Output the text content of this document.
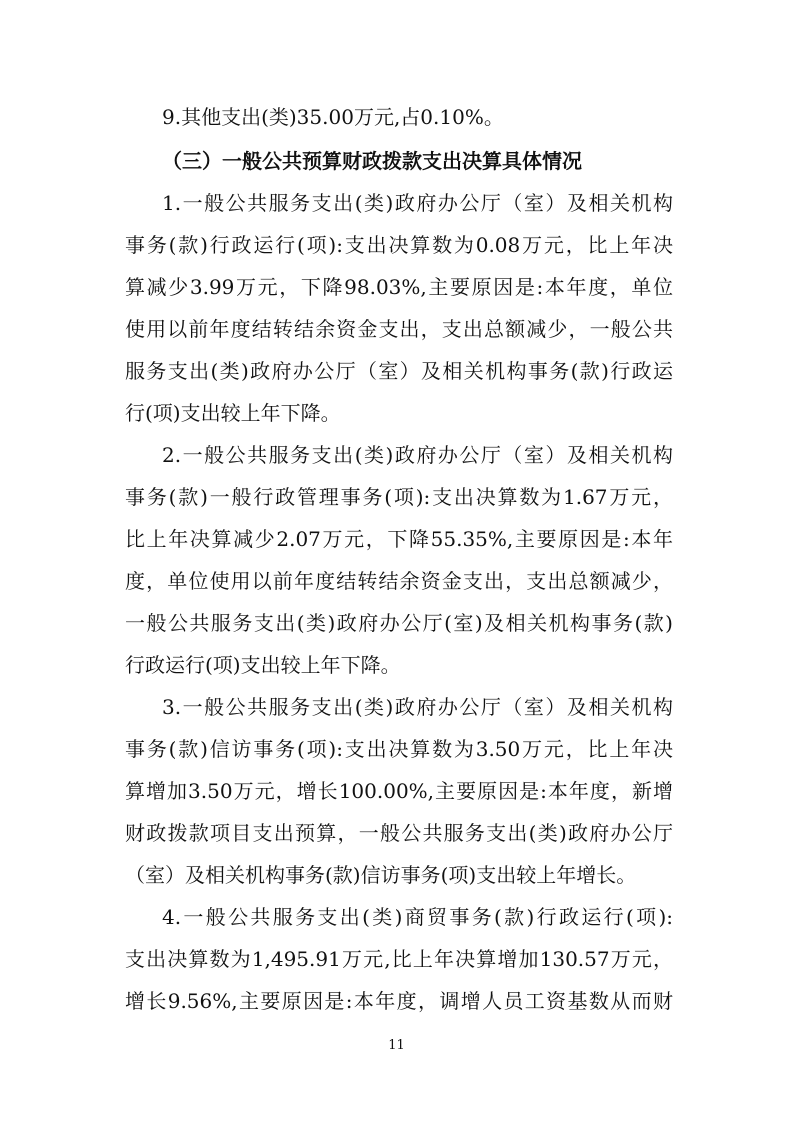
9.其他支出(类)35.00万元,占0.10%。
（三）一般公共预算财政拨款支出决算具体情况
1.一般公共服务支出(类)政府办公厅（室）及相关机构
事务(款)行政运行(项):支出决算数为0.08万元，比上年决
算减少3.99万元，下降98.03%,主要原因是:本年度，单位
使用以前年度结转结余资金支出，支出总额减少，一般公共
服务支出(类)政府办公厅（室）及相关机构事务(款)行政运
行(项)支出较上年下降。
2.一般公共服务支出(类)政府办公厅（室）及相关机构
事务(款)一般行政管理事务(项):支出决算数为1.67万元，
比上年决算减少2.07万元，下降55.35%,主要原因是:本年
度，单位使用以前年度结转结余资金支出，支出总额减少，
一般公共服务支出(类)政府办公厅(室)及相关机构事务(款)
行政运行(项)支出较上年下降。
3.一般公共服务支出(类)政府办公厅（室）及相关机构
事务(款)信访事务(项):支出决算数为3.50万元，比上年决
算增加3.50万元，增长100.00%,主要原因是:本年度，新增
财政拨款项目支出预算，一般公共服务支出(类)政府办公厅
（室）及相关机构事务(款)信访事务(项)支出较上年增长。
4.一般公共服务支出(类)商贸事务(款)行政运行(项):
支出决算数为1,495.91万元,比上年决算增加130.57万元，
增长9.56%,主要原因是:本年度，调增人员工资基数从而财
11
